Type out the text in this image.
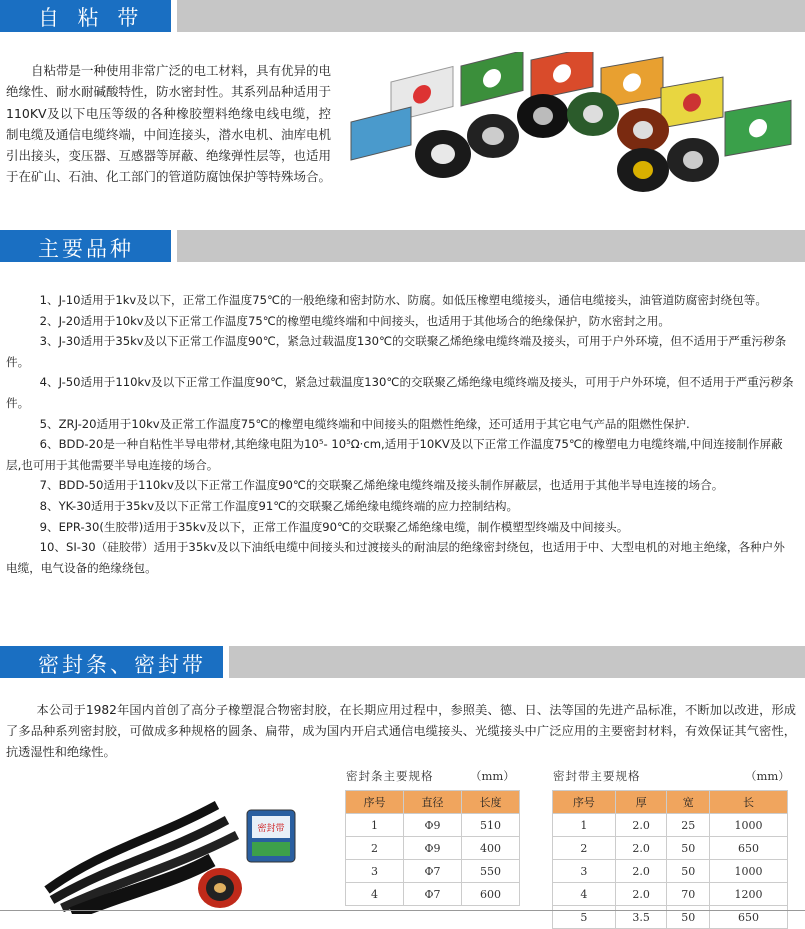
自 粘 带
自粘带是一种使用非常广泛的电工材料，具有优异的电绝缘性、耐水耐碱酸特性，防水密封性。其系列品种适用于110KV及以下电压等级的各种橡胶塑料绝缘电线电缆，控制电缆及通信电缆终端，中间连接头，潜水电机、油库电机引出接头，变压器、互感器等屏蔽、绝缘弹性层等，也适用于在矿山、石油、化工部门的管道防腐蚀保护等特殊场合。
主要品种

1、J-10适用于1kv及以下，正常工作温度75℃的一般绝缘和密封防水、防腐。如低压橡塑电缆接头，通信电缆接头，油管道防腐密封绕包等。

2、J-20适用于10kv及以下正常工作温度75℃的橡塑电缆终端和中间接头，也适用于其他场合的绝缘保护，防水密封之用。

3、J-30适用于35kv及以下正常工作温度90℃，紧急过载温度130℃的交联聚乙烯绝缘电缆终端及接头，可用于户外环境，但不适用于严重污秽条件。

4、J-50适用于110kv及以下正常工作温度90℃，紧急过载温度130℃的交联聚乙烯绝缘电缆终端及接头，可用于户外环境，但不适用于严重污秽条件。

5、ZRJ-20适用于10kv及正常工作温度75℃的橡塑电缆终端和中间接头的阻燃性绝缘，还可适用于其它电气产品的阻燃性保护.

6、BDD-20是一种自粘性半导电带材,其绝缘电阻为10⁵- 10⁵Ω·cm,适用于10KV及以下正常工作温度75℃的橡塑电力电缆终端,中间连接制作屏蔽层,也可用于其他需要半导电连接的场合。

7、BDD-50适用于110kv及以下正常工作温度90℃的交联聚乙烯绝缘电缆终端及接头制作屏蔽层，也适用于其他半导电连接的场合。

8、YK-30适用于35kv及以下正常工作温度91℃的交联聚乙烯绝缘电缆终端的应力控制结构。

9、EPR-30(生胶带)适用于35kv及以下，正常工作温度90℃的交联聚乙烯绝缘电缆，制作模塑型终端及中间接头。

10、SI-30（硅胶带）适用于35kv及以下油纸电缆中间接头和过渡接头的耐油层的绝缘密封绕包，也适用于中、大型电机的对地主绝缘，各种户外电缆，电气设备的绝缘绕包。

密封条、密封带
本公司于1982年国内首创了高分子橡塑混合物密封胶，在长期应用过程中，参照美、德、日、法等国的先进产品标准，不断加以改进，形成了多品种系列密封胶，可做成多种规格的圆条、扁带，成为国内开启式通信电缆接头、光缆接头中广泛应用的主要密封材料，有效保证其气密性，抗透湿性和绝缘性。
密封带
密封条主要规格	（mm）
序号	直径	长度
1	Φ9	510
2	Φ9	400
3	Φ7	550
4	Φ7	600
密封带主要规格	（mm）
序号	厚	宽	长
1	2.0	25	1000
2	2.0	50	650
3	2.0	50	1000
4	2.0	70	1200
5	3.5	50	650
